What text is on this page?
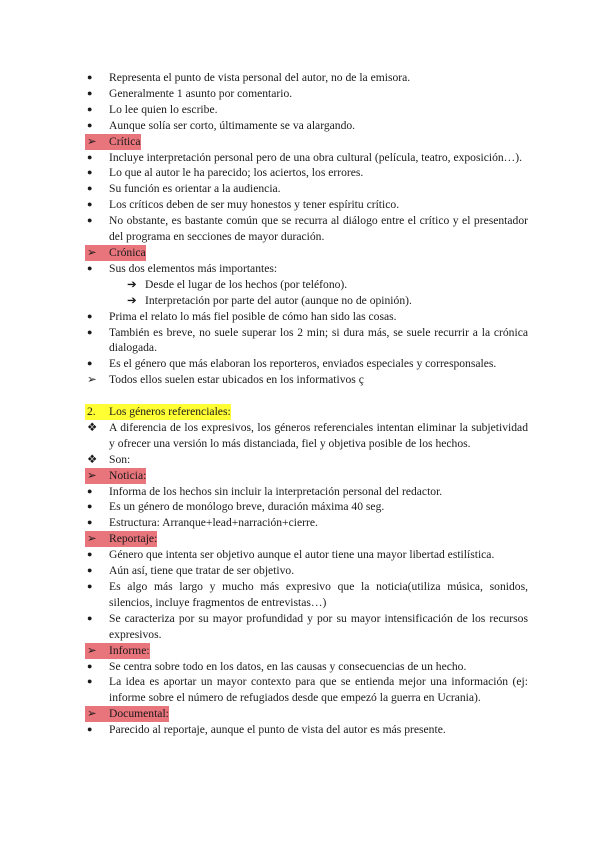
●	Representa el punto de vista personal del autor, no de la emisora.
●	Generalmente 1 asunto por comentario.
●	Lo lee quien lo escribe.
●	Aunque solía ser corto, últimamente se va alargando.
➢ Crítica
●	Incluye interpretación personal pero de una obra cultural (película, teatro, exposición…).
●	Lo que al autor le ha parecido; los aciertos, los errores.
●	Su función es orientar a la audiencia.
●	Los críticos deben de ser muy honestos y tener espíritu crítico.
●	No obstante, es bastante común que se recurra al diálogo entre el crítico y el presentador del programa en secciones de mayor duración.
➢ Crónica
●	Sus dos elementos más importantes:
➔ Desde el lugar de los hechos (por teléfono).
➔ Interpretación por parte del autor (aunque no de opinión).
●	Prima el relato lo más fiel posible de cómo han sido las cosas.
●	También es breve, no suele superar los 2 min; si dura más, se suele recurrir a la crónica dialogada.
●	Es el género que más elaboran los reporteros, enviados especiales y corresponsales.
➢	Todos ellos suelen estar ubicados en los informativos ç
2. Los géneros referenciales:
❖ A diferencia de los expresivos, los géneros referenciales intentan eliminar la subjetividad y ofrecer una versión lo más distanciada, fiel y objetiva posible de los hechos.
❖ Son:
➢ Noticia:
●	Informa de los hechos sin incluir la interpretación personal del redactor.
●	Es un género de monólogo breve, duración máxima 40 seg.
●	Estructura: Arranque+lead+narración+cierre.
➢ Reportaje:
●	Género que intenta ser objetivo aunque el autor tiene una mayor libertad estilística.
●	Aún así, tiene que tratar de ser objetivo.
●	Es algo más largo y mucho más expresivo que la noticia(utiliza música, sonidos, silencios, incluye fragmentos de entrevistas…)
●	Se caracteriza por su mayor profundidad y por su mayor intensificación de los recursos expresivos.
➢ Informe:
●	Se centra sobre todo en los datos, en las causas y consecuencias de un hecho.
●	La idea es aportar un mayor contexto para que se entienda mejor una información (ej: informe sobre el número de refugiados desde que empezó la guerra en Ucrania).
➢ Documental:
●	Parecido al reportaje, aunque el punto de vista del autor es más presente.
